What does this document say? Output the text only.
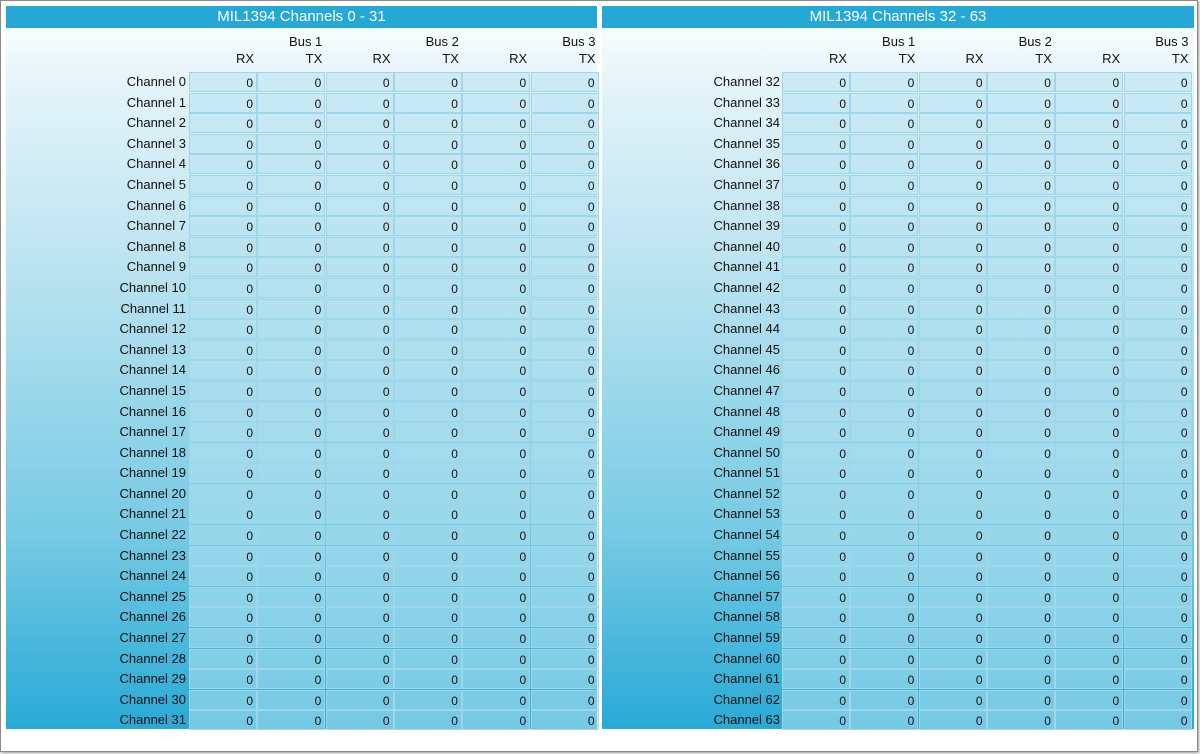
MIL1394 Channels 0 - 31
Bus 1	Bus 2	Bus 3
RX	TX	RX	TX	RX	TX
Channel 0	0	0	0	0	0	0
Channel 1	0	0	0	0	0	0
Channel 2	0	0	0	0	0	0
Channel 3	0	0	0	0	0	0
Channel 4	0	0	0	0	0	0
Channel 5	0	0	0	0	0	0
Channel 6	0	0	0	0	0	0
Channel 7	0	0	0	0	0	0
Channel 8	0	0	0	0	0	0
Channel 9	0	0	0	0	0	0
Channel 10	0	0	0	0	0	0
Channel 11	0	0	0	0	0	0
Channel 12	0	0	0	0	0	0
Channel 13	0	0	0	0	0	0
Channel 14	0	0	0	0	0	0
Channel 15	0	0	0	0	0	0
Channel 16	0	0	0	0	0	0
Channel 17	0	0	0	0	0	0
Channel 18	0	0	0	0	0	0
Channel 19	0	0	0	0	0	0
Channel 20	0	0	0	0	0	0
Channel 21	0	0	0	0	0	0
Channel 22	0	0	0	0	0	0
Channel 23	0	0	0	0	0	0
Channel 24	0	0	0	0	0	0
Channel 25	0	0	0	0	0	0
Channel 26	0	0	0	0	0	0
Channel 27	0	0	0	0	0	0
Channel 28	0	0	0	0	0	0
Channel 29	0	0	0	0	0	0
Channel 30	0	0	0	0	0	0
Channel 31	0	0	0	0	0	0
MIL1394 Channels 32 - 63
Bus 1	Bus 2	Bus 3
RX	TX	RX	TX	RX	TX
Channel 32	0	0	0	0	0	0
Channel 33	0	0	0	0	0	0
Channel 34	0	0	0	0	0	0
Channel 35	0	0	0	0	0	0
Channel 36	0	0	0	0	0	0
Channel 37	0	0	0	0	0	0
Channel 38	0	0	0	0	0	0
Channel 39	0	0	0	0	0	0
Channel 40	0	0	0	0	0	0
Channel 41	0	0	0	0	0	0
Channel 42	0	0	0	0	0	0
Channel 43	0	0	0	0	0	0
Channel 44	0	0	0	0	0	0
Channel 45	0	0	0	0	0	0
Channel 46	0	0	0	0	0	0
Channel 47	0	0	0	0	0	0
Channel 48	0	0	0	0	0	0
Channel 49	0	0	0	0	0	0
Channel 50	0	0	0	0	0	0
Channel 51	0	0	0	0	0	0
Channel 52	0	0	0	0	0	0
Channel 53	0	0	0	0	0	0
Channel 54	0	0	0	0	0	0
Channel 55	0	0	0	0	0	0
Channel 56	0	0	0	0	0	0
Channel 57	0	0	0	0	0	0
Channel 58	0	0	0	0	0	0
Channel 59	0	0	0	0	0	0
Channel 60	0	0	0	0	0	0
Channel 61	0	0	0	0	0	0
Channel 62	0	0	0	0	0	0
Channel 63	0	0	0	0	0	0
